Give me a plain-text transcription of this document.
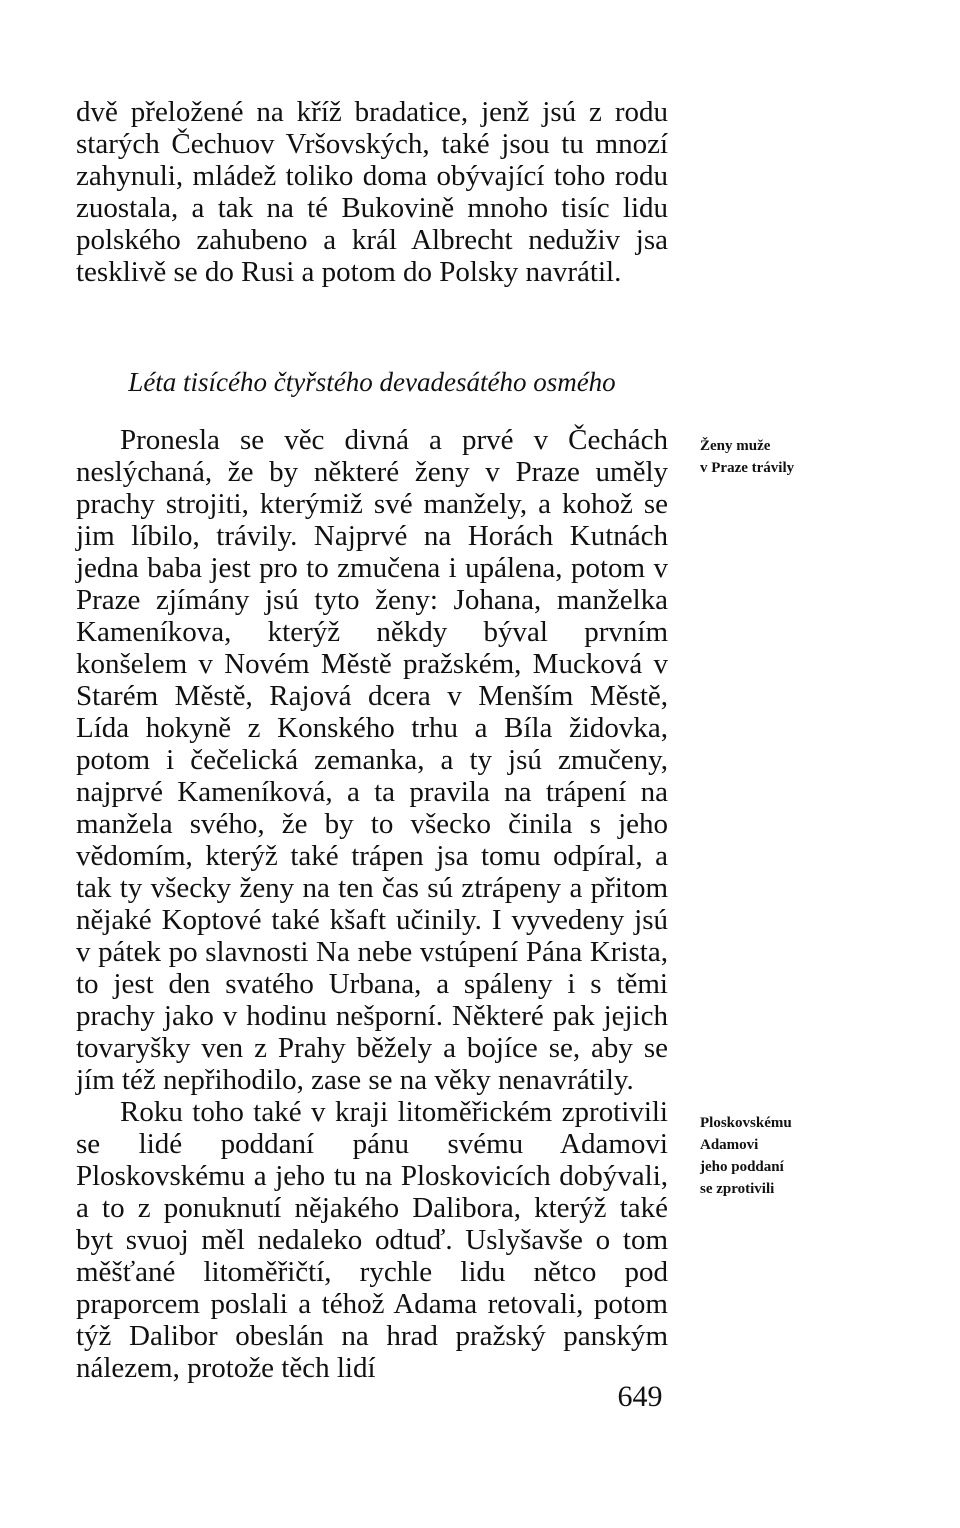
dvě přeložené na kříž bradatice, jenž jsú z rodu starých Čechuov Vršovských, také jsou tu mnozí zahynuli, mládež toliko doma obývající toho rodu zuostala, a tak na té Bukovině mnoho tisíc lidu polského zahubeno a král Albrecht neduživ jsa tesklivě se do Rusi a potom do Polsky navrátil.

Léta tisícého čtyřstého devadesátého osmého

Pronesla se věc divná a prvé v Čechách neslýchaná, že by některé ženy v Praze uměly prachy strojiti, kterýmiž své manžely, a kohož se jim líbilo, trávily. Najprvé na Horách Kutnách jedna baba jest pro to zmučena i upálena, potom v Praze zjímány jsú tyto ženy: Johana, manželka Kameníkova, kterýž někdy býval prvním konšelem v Novém Městě pražském, Mucková v Starém Městě, Rajová dcera v Menším Městě, Lída hokyně z Konského trhu a Bíla židovka, potom i čečelická zemanka, a ty jsú zmučeny, najprvé Kameníková, a ta pravila na trápení na manžela svého, že by to všecko činila s jeho vědomím, kterýž také trápen jsa tomu odpíral, a tak ty všecky ženy na ten čas sú ztrápeny a přitom nějaké Koptové také kšaft učinily. I vyvedeny jsú v pátek po slavnosti Na nebe vstúpení Pána Krista, to jest den svatého Urbana, a spáleny i s těmi prachy jako v hodinu nešporní. Některé pak jejich tovaryšky ven z Prahy běžely a bojíce se, aby se jím též nepřihodilo, zase se na věky nenavrátily.

Roku toho také v kraji litoměřickém zprotivili se lidé poddaní pánu svému Adamovi Ploskovskému a jeho tu na Ploskovicích dobývali, a to z ponuknutí nějakého Dalibora, kterýž také byt svuoj měl nedaleko odtuď. Uslyšavše o tom měšťané litoměřičtí, rychle lidu nětco pod praporcem poslali a téhož Adama retovali, potom týž Dalibor obeslán na hrad pražský panským nálezem, protože těch lidí

Ženy muže
v Praze trávily
Ploskovskému
Adamovi
jeho poddaní
se zprotivili
649
